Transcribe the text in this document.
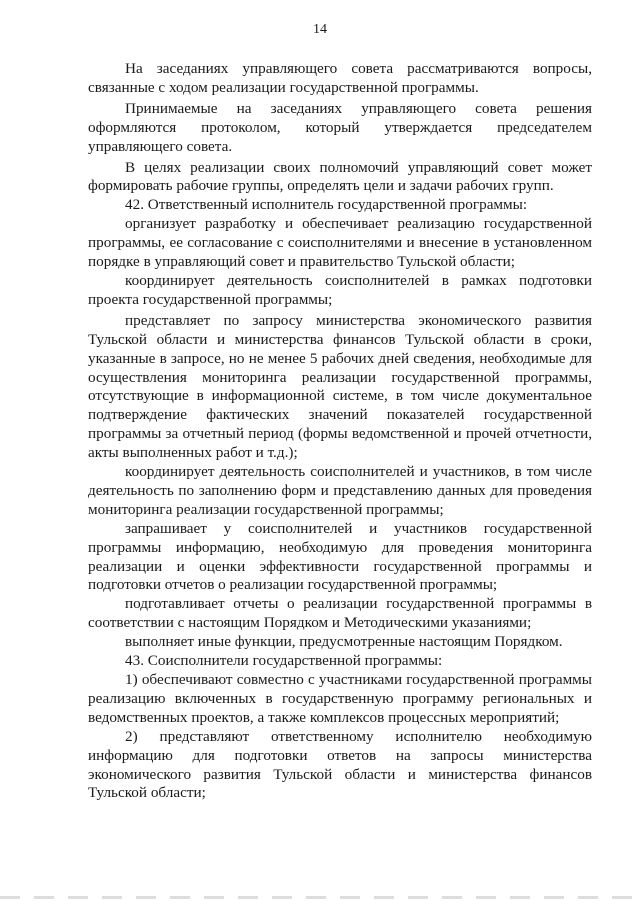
14

На заседаниях управляющего совета рассматриваются вопросы, связанные с ходом реализации государственной программы.

Принимаемые на заседаниях управляющего совета решения оформляются протоколом, который утверждается председателем управляющего совета.

В целях реализации своих полномочий управляющий совет может формировать рабочие группы, определять цели и задачи рабочих групп.

42. Ответственный исполнитель государственной программы:

организует разработку и обеспечивает реализацию государственной программы, ее согласование с соисполнителями и внесение в установленном порядке в управляющий совет и правительство Тульской области;

координирует деятельность соисполнителей в рамках подготовки проекта государственной программы;

представляет по запросу министерства экономического развития Тульской области и министерства финансов Тульской области в сроки, указанные в запросе, но не менее 5 рабочих дней сведения, необходимые для осуществления мониторинга реализации государственной программы, отсутствующие в информационной системе, в том числе документальное подтверждение фактических значений показателей государственной программы за отчетный период (формы ведомственной и прочей отчетности, акты выполненных работ и т.д.);

координирует деятельность соисполнителей и участников, в том числе деятельность по заполнению форм и представлению данных для проведения мониторинга реализации государственной программы;

запрашивает у соисполнителей и участников государственной программы информацию, необходимую для проведения мониторинга реализации и оценки эффективности государственной программы и подготовки отчетов о реализации государственной программы;

подготавливает отчеты о реализации государственной программы в соответствии с настоящим Порядком и Методическими указаниями;

выполняет иные функции, предусмотренные настоящим Порядком.

43. Соисполнители государственной программы:

1) обеспечивают совместно с участниками государственной программы реализацию включенных в государственную программу региональных и ведомственных проектов, а также комплексов процессных мероприятий;

2) представляют ответственному исполнителю необходимую информацию для подготовки ответов на запросы министерства экономического развития Тульской области и министерства финансов Тульской области;
